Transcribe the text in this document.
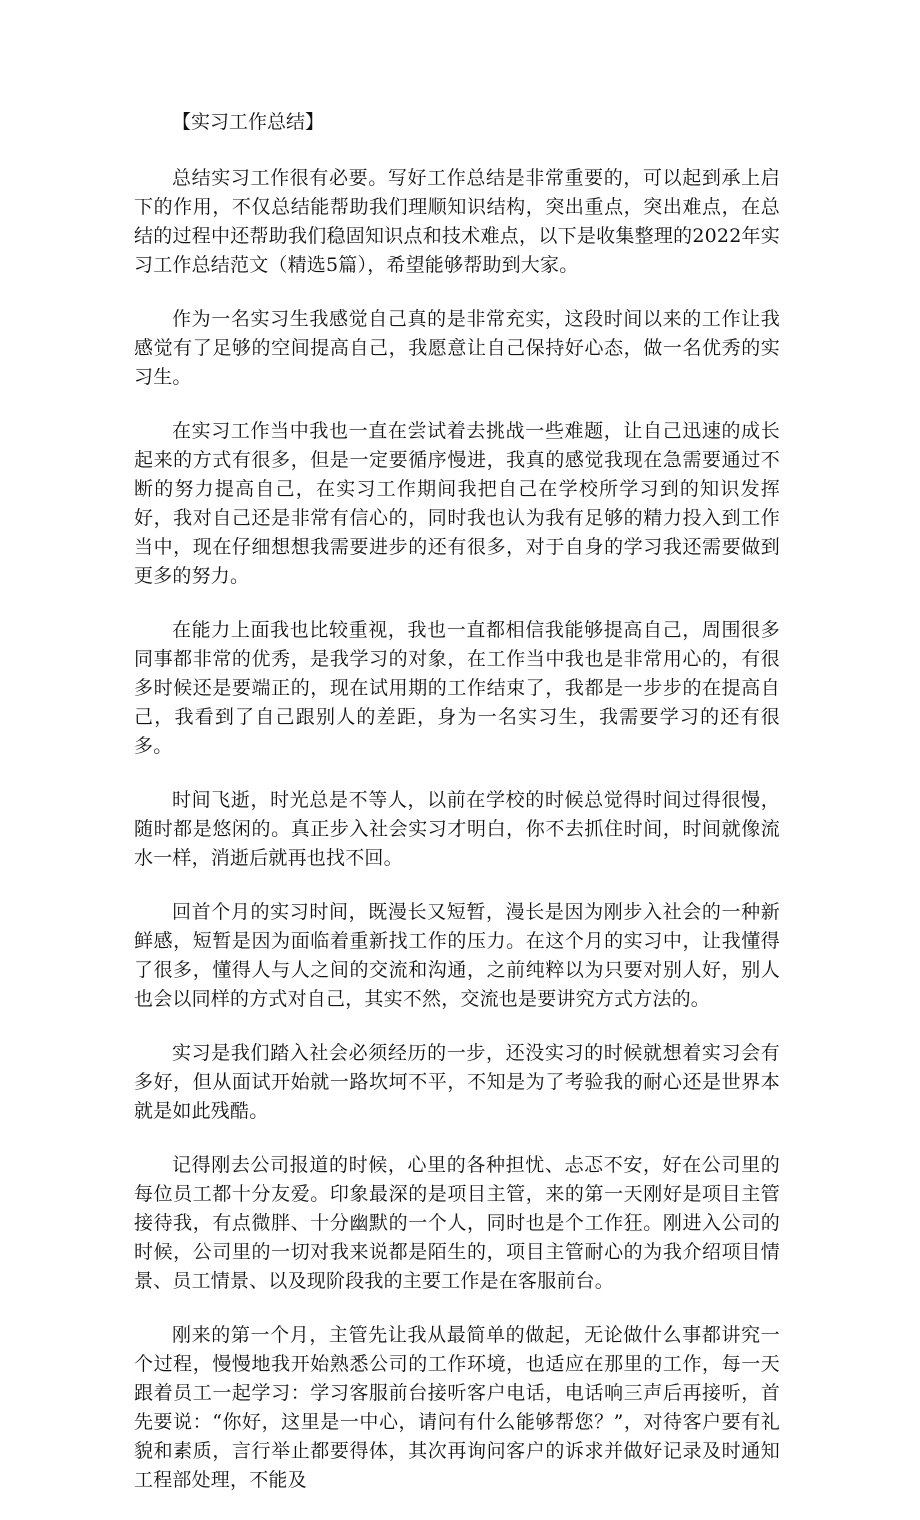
【实习工作总结】

总结实习工作很有必要。写好工作总结是非常重要的，可以起到承上启下的作用，不仅总结能帮助我们理顺知识结构，突出重点，突出难点，在总结的过程中还帮助我们稳固知识点和技术难点，以下是收集整理的2022年实习工作总结范文（精选5篇），希望能够帮助到大家。

作为一名实习生我感觉自己真的是非常充实，这段时间以来的工作让我感觉有了足够的空间提高自己，我愿意让自己保持好心态，做一名优秀的实习生。

在实习工作当中我也一直在尝试着去挑战一些难题，让自己迅速的成长起来的方式有很多，但是一定要循序慢进，我真的感觉我现在急需要通过不断的努力提高自己，在实习工作期间我把自己在学校所学习到的知识发挥好，我对自己还是非常有信心的，同时我也认为我有足够的精力投入到工作当中，现在仔细想想我需要进步的还有很多，对于自身的学习我还需要做到更多的努力。

在能力上面我也比较重视，我也一直都相信我能够提高自己，周围很多同事都非常的优秀，是我学习的对象，在工作当中我也是非常用心的，有很多时候还是要端正的，现在试用期的工作结束了，我都是一步步的在提高自己，我看到了自己跟别人的差距，身为一名实习生，我需要学习的还有很多。

时间飞逝，时光总是不等人，以前在学校的时候总觉得时间过得很慢，随时都是悠闲的。真正步入社会实习才明白，你不去抓住时间，时间就像流水一样，消逝后就再也找不回。

回首个月的实习时间，既漫长又短暂，漫长是因为刚步入社会的一种新鲜感，短暂是因为面临着重新找工作的压力。在这个月的实习中，让我懂得了很多，懂得人与人之间的交流和沟通，之前纯粹以为只要对别人好，别人也会以同样的方式对自己，其实不然，交流也是要讲究方式方法的。

实习是我们踏入社会必须经历的一步，还没实习的时候就想着实习会有多好，但从面试开始就一路坎坷不平，不知是为了考验我的耐心还是世界本就是如此残酷。

记得刚去公司报道的时候，心里的各种担忧、忐忑不安，好在公司里的每位员工都十分友爱。印象最深的是项目主管，来的第一天刚好是项目主管接待我，有点微胖、十分幽默的一个人，同时也是个工作狂。刚进入公司的时候，公司里的一切对我来说都是陌生的，项目主管耐心的为我介绍项目情景、员工情景、以及现阶段我的主要工作是在客服前台。

刚来的第一个月，主管先让我从最简单的做起，无论做什么事都讲究一个过程，慢慢地我开始熟悉公司的工作环境，也适应在那里的工作，每一天跟着员工一起学习：学习客服前台接听客户电话，电话响三声后再接听，首先要说：“你好，这里是一中心，请问有什么能够帮您？”，对待客户要有礼貌和素质，言行举止都要得体，其次再询问客户的诉求并做好记录及时通知工程部处理，不能及
